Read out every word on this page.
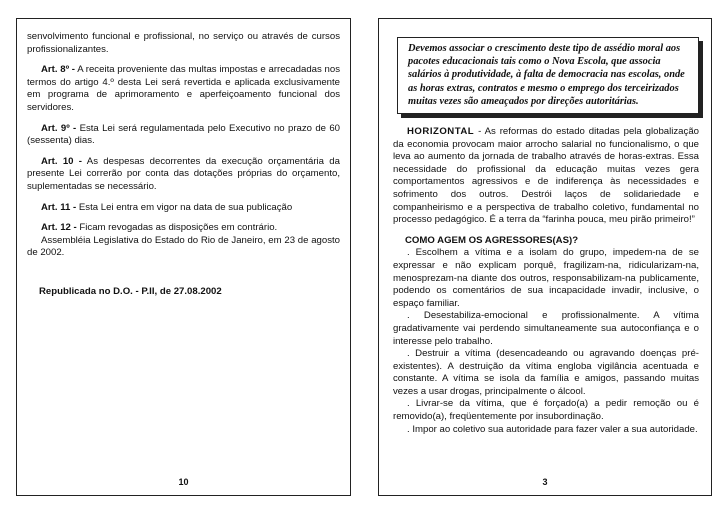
senvolvimento funcional e profissional, no serviço ou através de cursos profissionalizantes.

Art. 8º - A receita proveniente das multas impostas e arrecadadas nos termos do artigo 4.º desta Lei será revertida e aplicada exclusivamente em programa de aprimoramento e aperfeiçoamento funcional dos servidores.

Art. 9º - Esta Lei será regulamentada pelo Executivo no prazo de 60 (sessenta) dias.

Art. 10 - As despesas decorrentes da execução orçamentária da presente Lei correrão por conta das dotações próprias do orçamento, suplementadas se necessário.

Art. 11 - Esta Lei entra em vigor na data de sua publicação

Art. 12 - Ficam revogadas as disposições em contrário.

Assembléia Legislativa do Estado do Rio de Janeiro, em 23 de agosto de 2002.

Republicada no D.O. - P.II, de 27.08.2002

10

Devemos associar o crescimento deste tipo de assédio moral aos pacotes educacionais tais como o Nova Escola, que associa salários à produtividade, à falta de democracia nas escolas, onde as horas extras, contratos e mesmo o emprego dos terceirizados muitas vezes são ameaçados por direções autoritárias.

HORIZONTAL - As reformas do estado ditadas pela globalização da economia provocam maior arrocho salarial no funcionalismo, o que leva ao aumento da jornada de trabalho através de horas-extras. Essa necessidade do profissional da educação muitas vezes gera comportamentos agressivos e de indiferença às necessidades e sofrimento dos outros. Destrói laços de solidariedade e companheirismo e a perspectiva de trabalho coletivo, fundamental no processo pedagógico. É a terra da “farinha pouca, meu pirão primeiro!”

COMO AGEM OS AGRESSORES(AS)?

. Escolhem a vítima e a isolam do grupo, impedem-na de se expressar e não explicam porquê, fragilizam-na, ridicularizam-na, menosprezam-na diante dos outros, responsabilizam-na publicamente, podendo os comentários de sua incapacidade invadir, inclusive, o espaço familiar.

. Desestabiliza-emocional e profissionalmente. A vítima gradativamente vai perdendo simultaneamente sua autoconfiança e o interesse pelo trabalho.

. Destruir a vítima (desencadeando ou agravando doenças pré-existentes). A destruição da vítima engloba vigilância acentuada e constante. A vítima se isola da família e amigos, passando muitas vezes a usar drogas, principalmente o álcool.

. Livrar-se da vítima, que é forçado(a) a pedir remoção ou é removido(a), freqüentemente por insubordinação.

. Impor ao coletivo sua autoridade para fazer valer a sua autoridade.

3
